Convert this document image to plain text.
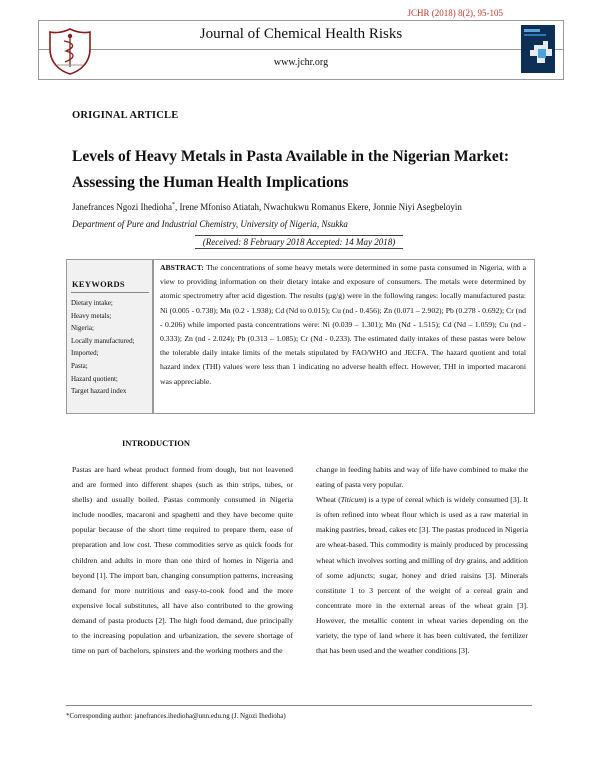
JCHR (2018) 8(2), 95-105
Journal of Chemical Health Risks
www.jchr.org
ORIGINAL ARTICLE
Levels of Heavy Metals in Pasta Available in the Nigerian Market: Assessing the Human Health Implications
Janefrances Ngozi Ihedioha*, Irene Mfoniso Atiatah, Nwachukwu Romanus Ekere, Jonnie Niyi Asegbeloyin
Department of Pure and Industrial Chemistry, University of Nigeria, Nsukka
(Received: 8 February 2018 Accepted: 14 May 2018)
KEYWORDS
Dietary intake;
Heavy metals;
Nigeria;
Locally manufactured;
Imported;
Pasta;
Hazard quotient;
Target hazard index

ABSTRACT: The concentrations of some heavy metals were determined in some pasta consumed in Nigeria, with a view to providing information on their dietary intake and exposure of consumers. The metals were determined by atomic spectrometry after acid digestion. The results (μg/g) were in the following ranges: locally manufactured pasta: Ni (0.005 - 0.738); Mn (0.2 - 1.938); Cd (Nd to 0.015); Cu (nd - 0.456); Zn (0.071 – 2.902); Pb (0.278 - 0.692); Cr (nd - 0.206) while imported pasta concentrations were: Ni (0.039 – 1.301); Mn (Nd - 1.515); Cd (Nd – 1.059); Cu (nd - 0.333); Zn (nd - 2.024); Pb (0.313 – 1.085); Cr (Nd - 0.233). The estimated daily intakes of these pastas were below the tolerable daily intake limits of the metals stipulated by FAO/WHO and JECFA. The hazard quotient and total hazard index (THI) values were less than 1 indicating no adverse health effect. However, THI in imported macaroni was appreciable.

INTRODUCTION

Pastas are hard wheat product formed from dough, but not leavened and are formed into different shapes (such as thin strips, tubes, or shells) and usually boiled. Pastas commonly consumed in Nigeria include noodles, macaroni and spaghetti and they have become quite popular because of the short time required to prepare them, ease of preparation and low cost. These commodities serve as quick foods for children and adults in more than one third of homes in Nigeria and beyond [1]. The import ban, changing consumption patterns, increasing demand for more nutritious and easy-to-cook food and the more expensive local substitutes, all have also contributed to the growing demand of pasta products [2]. The high food demand, due principally to the increasing population and urbanization, the severe shortage of time on part of bachelors, spinsters and the working mothers and the

change in feeding habits and way of life have combined to make the eating of pasta very popular.

Wheat (Titicum) is a type of cereal which is widely consumed [3]. It is often refined into wheat flour which is used as a raw material in making pastries, bread, cakes etc [3]. The pastas produced in Nigeria are wheat-based. This commodity is mainly produced by processing wheat which involves sorting and milling of dry grains, and addition of some adjuncts; sugar, honey and dried raisins [3]. Minerals constitute 1 to 3 percent of the weight of a cereal grain and concentrate more in the external areas of the wheat grain [3]. However, the metallic content in wheat varies depending on the variety, the type of land where it has been cultivated, the fertilizer that has been used and the weather conditions [3].

*Corresponding author: janefrances.ihedioha@unn.edu.ng (J. Ngozi Ihedioha)
